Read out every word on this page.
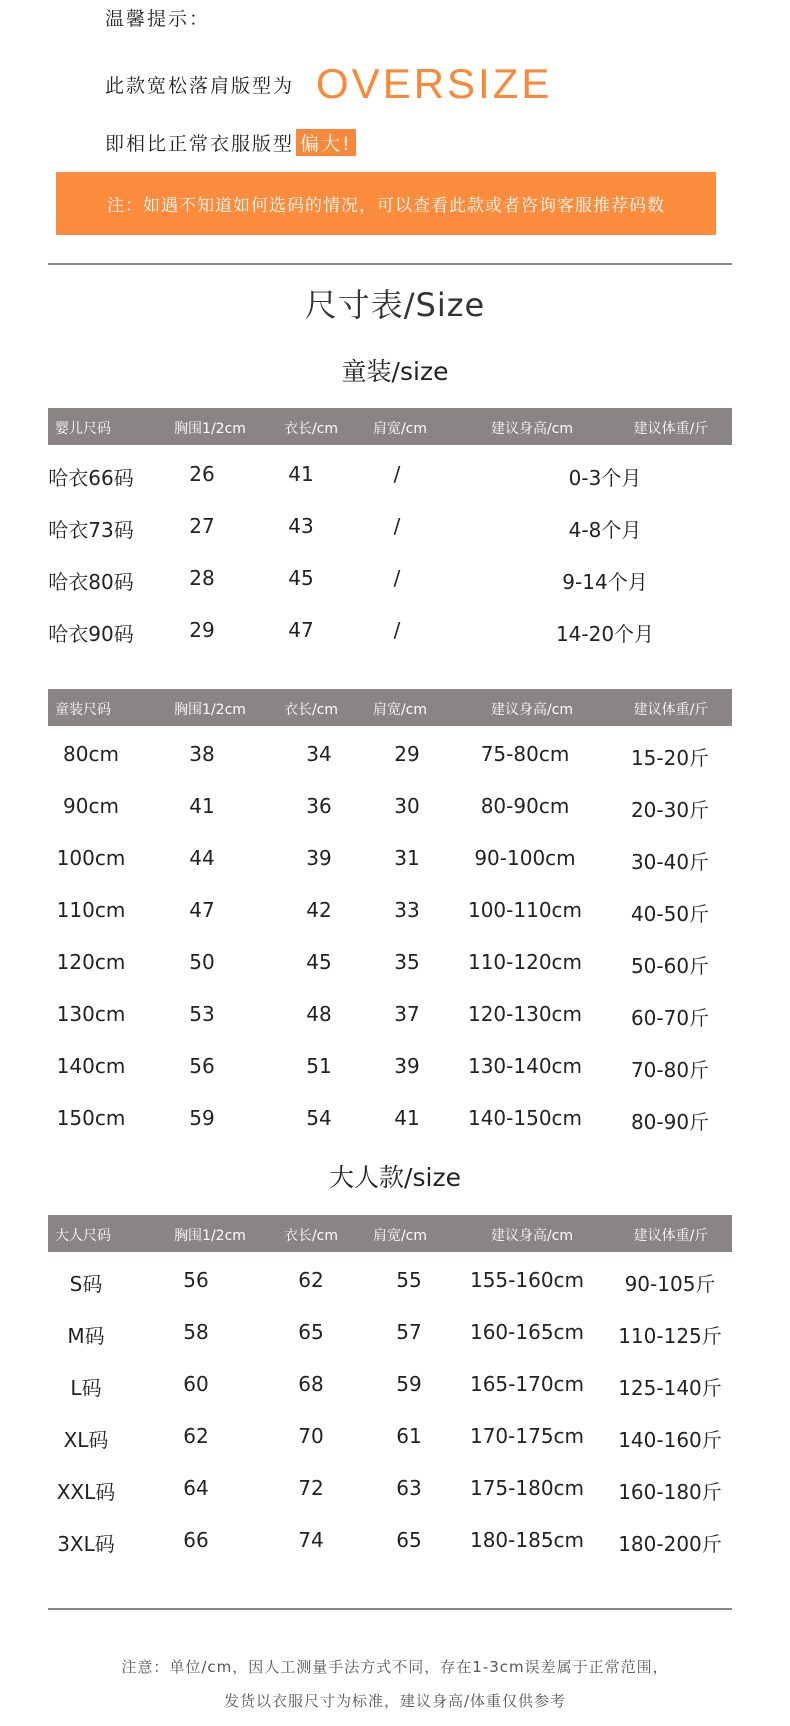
温馨提示：
此款宽松落肩版型为 OVERSIZE
即相比正常衣服版型 偏大!
注：如遇不知道如何选码的情况，可以查看此款或者咨询客服推荐码数
尺寸表/Size
童装/size
婴儿尺码	胸围1/2cm	衣长/cm 肩宽/cm	建议身高/cm	建议体重/斤
哈衣66码	26	41	/	0-3个月
哈衣73码	27	43	/	4-8个月
哈衣80码	28	45	/	9-14个月
哈衣90码	29	47	/	14-20个月
童装尺码	胸围1/2cm	衣长/cm 肩宽/cm	建议身高/cm	建议体重/斤
80cm	38	34	29	75-80cm	15-20斤
90cm	41	36	30	80-90cm	20-30斤
100cm	44	39	31	90-100cm	30-40斤
110cm	47	42	33 100-110cm 40-50斤
120cm	50	45	35 110-120cm 50-60斤
130cm	53	48	37 120-130cm 60-70斤
140cm	56	51	39 130-140cm 70-80斤
150cm	59	54	41 140-150cm 80-90斤
大人款/size
大人尺码	胸围1/2cm	衣长/cm 肩宽/cm	建议身高/cm	建议体重/斤
S码	56	62	55 155-160cm 90-105斤
M码	58	65	57 160-165cm 110-125斤
L码	60	68	59 165-170cm 125-140斤
XL码	62	70	61 170-175cm 140-160斤
XXL码	64	72	63 175-180cm 160-180斤
3XL码	66	74	65 180-185cm 180-200斤
注意：单位/cm，因人工测量手法方式不同，存在1-3cm误差属于正常范围，
发货以衣服尺寸为标准，建议身高/体重仅供参考
